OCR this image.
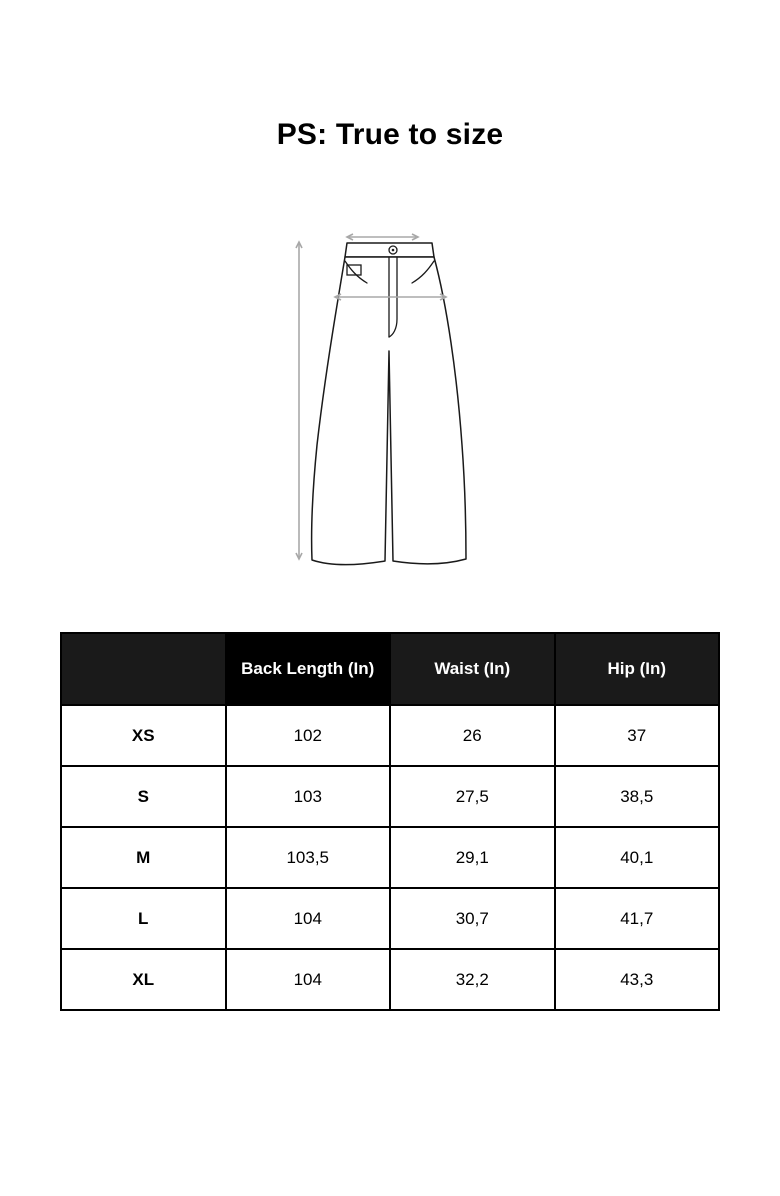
PS: True to size
	Back Length (In)	Waist (In)	Hip (In)
XS	102	26	37
S	103	27,5	38,5
M	103,5	29,1	40,1
L	104	30,7	41,7
XL	104	32,2	43,3
